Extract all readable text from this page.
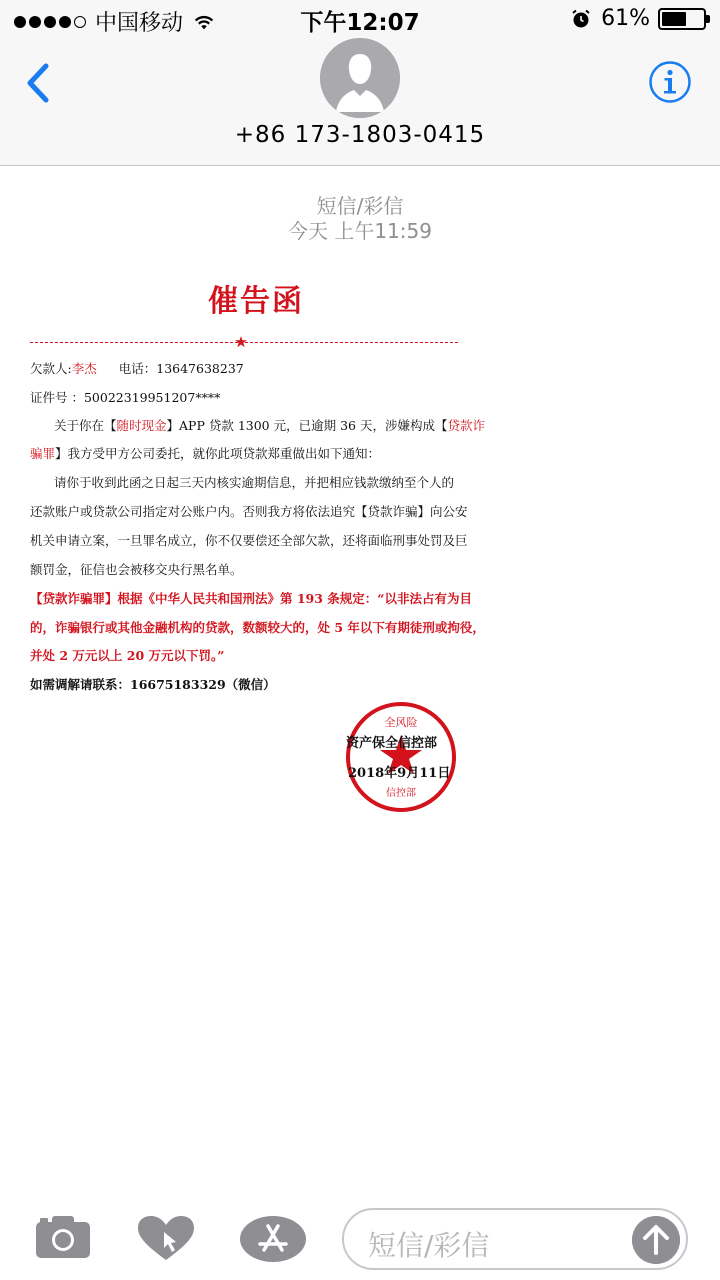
中国移动	下午12:07	61%
+86 173-1803-0415
短信/彩信
今天 上午11:59
催告函
欠款人:李杰 电话：13647638237
证件号 ：50022319951207****
关于你在【随时现金】APP 贷款 1300 元，已逾期 36 天，涉嫌构成【贷款诈
骗罪】我方受甲方公司委托，就你此项贷款郑重做出如下通知：
请你于收到此函之日起三天内核实逾期信息，并把相应钱款缴纳至个人的
还款账户或贷款公司指定对公账户内。否则我方将依法追究【贷款诈骗】向公安
机关申请立案，一旦罪名成立，你不仅要偿还全部欠款，还将面临刑事处罚及巨
额罚金，征信也会被移交央行黑名单。
【贷款诈骗罪】根据《中华人民共和国刑法》第 193 条规定：“以非法占有为目
的，诈骗银行或其他金融机构的贷款，数额较大的，处 5 年以下有期徒刑或拘役，
并处 2 万元以上 20 万元以下罚。”
如需调解请联系：16675183329（微信）
全风险
信控部
资产保全信控部
2018年9月11日
短信/彩信
